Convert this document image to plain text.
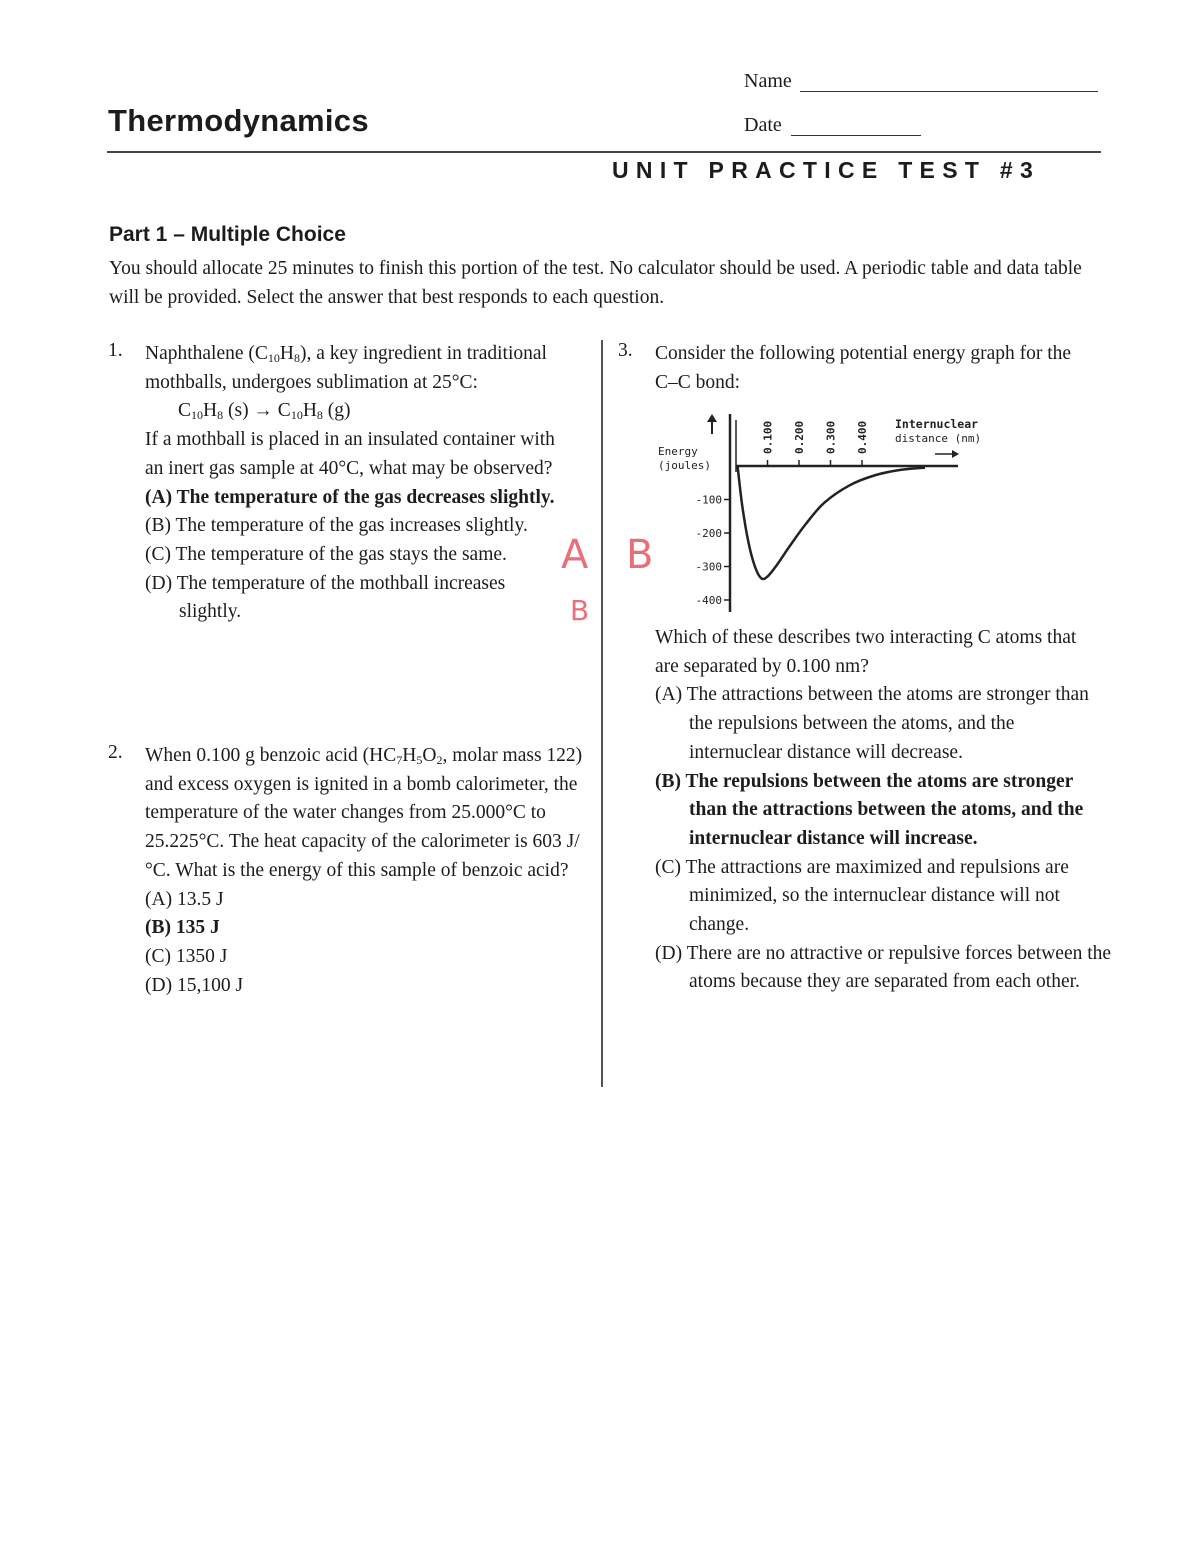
Thermodynamics
Name
Date
UNIT PRACTICE TEST #3
Part 1 – Multiple Choice
You should allocate 25 minutes to finish this portion of the test. No calculator should be used. A periodic table and data table will be provided. Select the answer that best responds to each question.
1. Naphthalene $(C_{10}H_8)$, a key ingredient in traditional mothballs, undergoes sublimation at 25°C:
$C_{10}H_8$ $(s) \to C_{10}H_8$ (g)
If a mothball is placed in an insulated container with an inert gas sample at 40°C, what may be observed?
(A) The temperature of the gas decreases slightly.
(B) The temperature of the gas increases slightly.
(C) The temperature of the gas stays the same.
(D) The temperature of the mothball increases slightly.
A
B
2. When 0.100 g benzoic acid ($HC_7H_5O_2$, molar mass 122) and excess oxygen is ignited in a bomb calorimeter, the temperature of the water changes from 25.000°C to 25.225°C. The heat capacity of the calorimeter is 603 J/°C. What is the energy of this sample of benzoic acid?
(A) 13.5 J
(B) 135 J
(C) 1350 J
(D) 15,100 J
3. Consider the following potential energy graph for the C–C bond:
B
Energy
(joules)
Internuclear
distance (nm)
0.100 0.200 0.300 0.400
-100
-200
-300
-400
Which of these describes two interacting C atoms that are separated by 0.100 nm?
(A) The attractions between the atoms are stronger than the repulsions between the atoms, and the internuclear distance will decrease.
(B) The repulsions between the atoms are stronger than the attractions between the atoms, and the internuclear distance will increase.
(C) The attractions are maximized and repulsions are minimized, so the internuclear distance will not change.
(D) There are no attractive or repulsive forces between the atoms because they are separated from each other.
